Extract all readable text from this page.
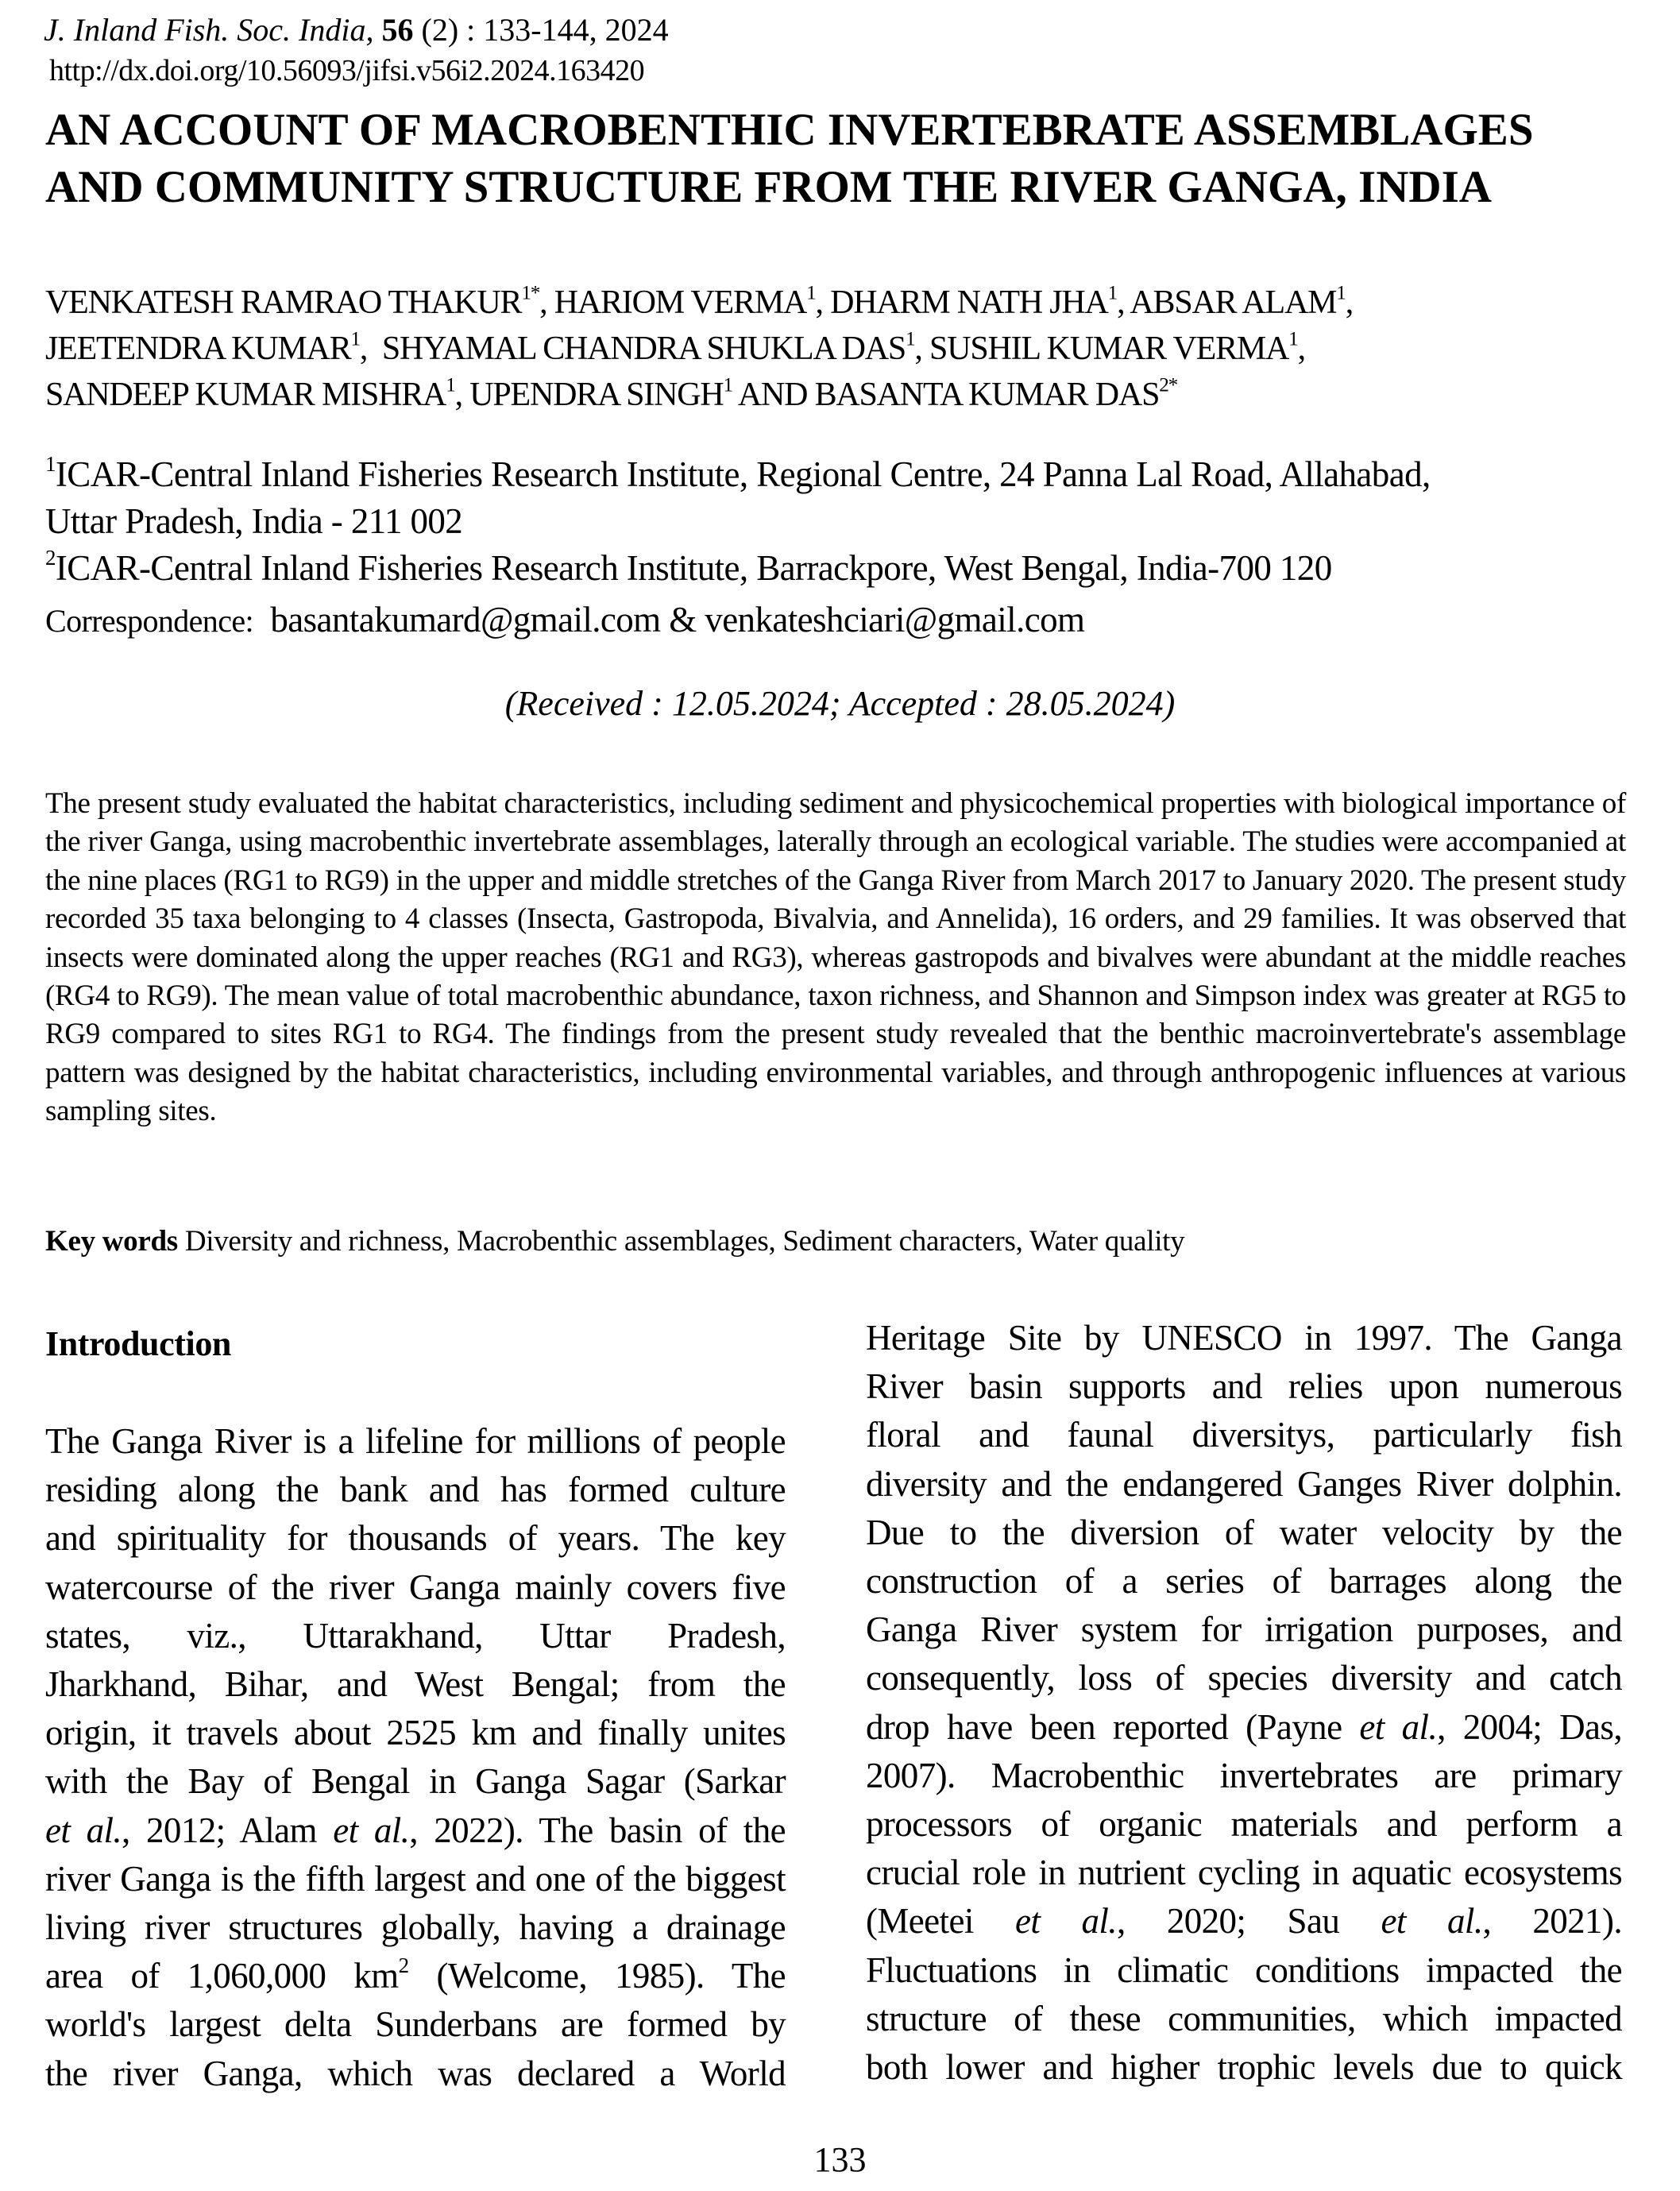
J. Inland Fish. Soc. India, 56 (2) : 133-144, 2024
http://dx.doi.org/10.56093/jifsi.v56i2.2024.163420
AN ACCOUNT OF MACROBENTHIC INVERTEBRATE ASSEMBLAGES
AND COMMUNITY STRUCTURE FROM THE RIVER GANGA, INDIA
VENKATESH RAMRAO $THAKUR^{1*}$, HARIOM VERMA$^1$, DHARM NATH JHA$^1$, ABSAR ALAM$^1$,
JEETENDRA KUMAR$^1$,  SHYAMAL CHANDRA SHUKLA DAS$^1$, SUSHIL KUMAR VERMA$^1$,
SANDEEP KUMAR MISHRA$^1$, UPENDRA SINGH$^1$ AND BASANTA KUMAR $DAS^{2*}$
$^1$ICAR-Central Inland Fisheries Research Institute, Regional Centre, 24 Panna Lal Road, Allahabad,
Uttar Pradesh, India - 211 002
$^2$ICAR-Central Inland Fisheries Research Institute, Barrackpore, West Bengal, India-700 120
Correspondence: basantakumard@gmail.com & venkateshciari@gmail.com
(Received : 12.05.2024; Accepted : 28.05.2024)
The present study evaluated the habitat characteristics, including sediment and physicochemical properties with biological importance of the river Ganga, using macrobenthic invertebrate assemblages, laterally through an ecological variable. The studies were accompanied at the nine places (RG1 to RG9) in the upper and middle stretches of the Ganga River from March 2017 to January 2020. The present study recorded 35 taxa belonging to 4 classes (Insecta, Gastropoda, Bivalvia, and Annelida), 16 orders, and 29 families. It was observed that insects were dominated along the upper reaches (RG1 and RG3), whereas gastropods and bivalves were abundant at the middle reaches (RG4 to RG9). The mean value of total macrobenthic abundance, taxon richness, and Shannon and Simpson index was greater at RG5 to RG9 compared to sites RG1 to RG4. The findings from the present study revealed that the benthic macroinvertebrate's assemblage pattern was designed by the habitat characteristics, including environmental variables, and through anthropogenic influences at various sampling sites.
Key words Diversity and richness, Macrobenthic assemblages, Sediment characters, Water quality
Introduction
The Ganga River is a lifeline for millions of people
residing along the bank and has formed culture
and spirituality for thousands of years. The key
watercourse of the river Ganga mainly covers five
states, viz., Uttarakhand, Uttar Pradesh,
Jharkhand, Bihar, and West Bengal; from the
origin, it travels about 2525 km and finally unites
with the Bay of Bengal in Ganga Sagar (Sarkar
et al., 2012; Alam et al., 2022). The basin of the
river Ganga is the fifth largest and one of the biggest
living river structures globally, having a drainage
area of 1,060,000 $km^2$ (Welcome, 1985). The
world's largest delta Sunderbans are formed by
the river Ganga, which was declared a World
Heritage Site by UNESCO in 1997. The Ganga
River basin supports and relies upon numerous
floral and faunal diversitys, particularly fish
diversity and the endangered Ganges River dolphin.
Due to the diversion of water velocity by the
construction of a series of barrages along the
Ganga River system for irrigation purposes, and
consequently, loss of species diversity and catch
drop have been reported (Payne et al., 2004; Das,
2007). Macrobenthic invertebrates are primary
processors of organic materials and perform a
crucial role in nutrient cycling in aquatic ecosystems
(Meetei et al., 2020; Sau et al., 2021).
Fluctuations in climatic conditions impacted the
structure of these communities, which impacted
both lower and higher trophic levels due to quick
133
